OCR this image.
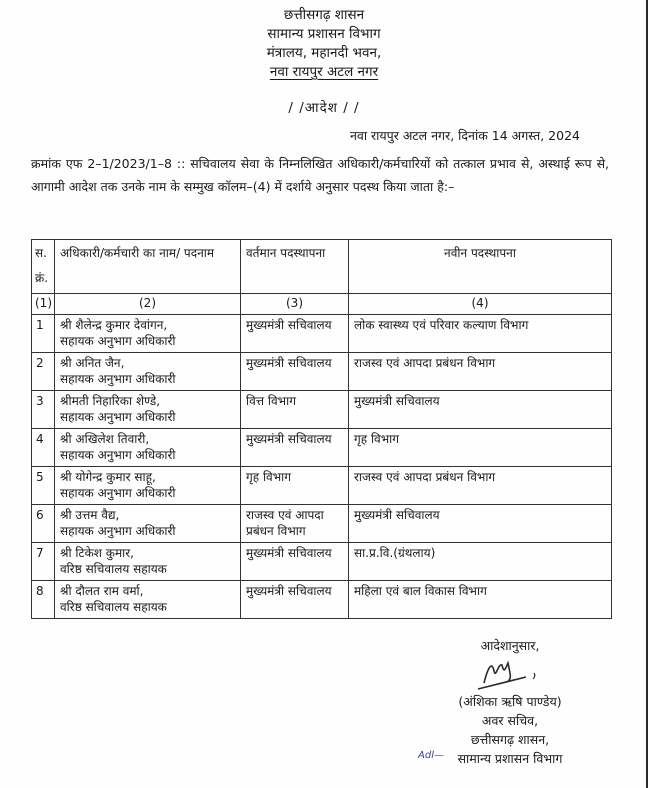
छत्तीसगढ़ शासन
सामान्य प्रशासन विभाग
मंत्रालय, महानदी भवन,
नवा रायपुर अटल नगर
/ /आदेश / /
नवा रायपुर अटल नगर, दिनांक 14 अगस्त, 2024
क्रमांक एफ 2–1/2023/1–8 :: सचिवालय सेवा के निम्नलिखित अधिकारी/कर्मचारियों को तत्काल प्रभाव से, अस्थाई रूप से, आगामी आदेश तक उनके नाम के सम्मुख कॉलम–(4) में दर्शाये अनुसार पदस्थ किया जाता है:–
स. क्रं.	अधिकारी/कर्मचारी का नाम/ पदनाम	वर्तमान पदस्थापना	नवीन पदस्थापना
(1)	(2)	(3)	(4)
1	श्री शैलेन्द्र कुमार देवांगन,
सहायक अनुभाग अधिकारी	मुख्यमंत्री सचिवालय	लोक स्वास्थ्य एवं परिवार कल्याण विभाग
2	श्री अनित जैन,
सहायक अनुभाग अधिकारी	मुख्यमंत्री सचिवालय	राजस्व एवं आपदा प्रबंधन विभाग
3	श्रीमती निहारिका शेण्डे,
सहायक अनुभाग अधिकारी	वित्त विभाग	मुख्यमंत्री सचिवालय
4	श्री अखिलेश तिवारी,
सहायक अनुभाग अधिकारी	मुख्यमंत्री सचिवालय	गृह विभाग
5	श्री योगेन्द्र कुमार साहू,
सहायक अनुभाग अधिकारी	गृह विभाग	राजस्व एवं आपदा प्रबंधन विभाग
6	श्री उत्तम वैद्य,
सहायक अनुभाग अधिकारी	राजस्व एवं आपदा प्रबंधन विभाग	मुख्यमंत्री सचिवालय
7	श्री टिकेश कुमार,
वरिष्ठ सचिवालय सहायक	मुख्यमंत्री सचिवालय	सा.प्र.वि.(ग्रंथलाय)
8	श्री दौलत राम वर्मा,
वरिष्ठ सचिवालय सहायक	मुख्यमंत्री सचिवालय	महिला एवं बाल विकास विभाग
आदेशानुसार,
(अंशिका ऋषि पाण्डेय)
अवर सचिव,
छत्तीसगढ़ शासन,
सामान्य प्रशासन विभाग
Adl—
